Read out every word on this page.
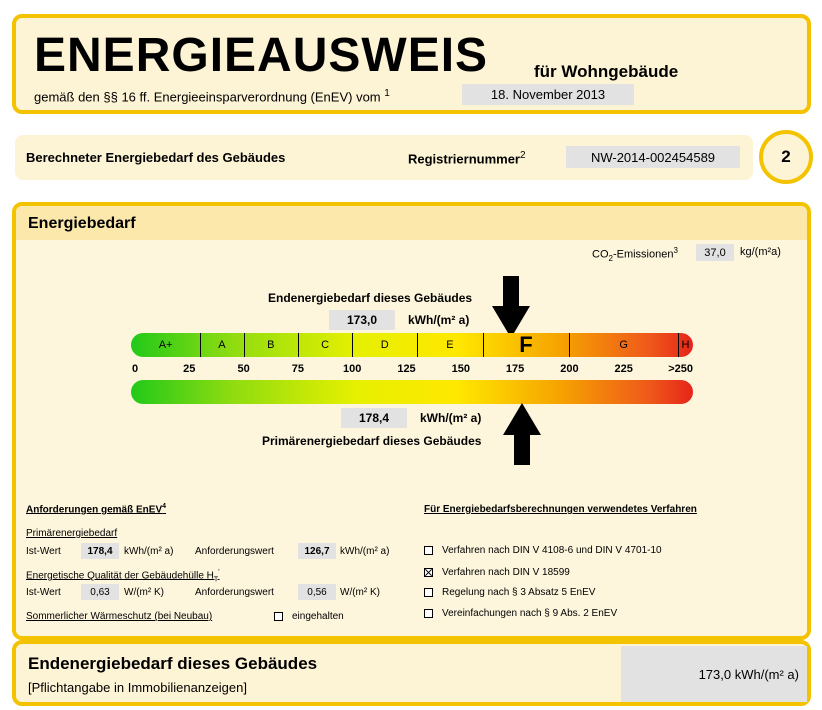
ENERGIEAUSWEIS	für Wohngebäude
gemäß den §§ 16 ff. Energieeinsparverordnung (EnEV) vom $^1$	18. November 2013
Berechneter Energiebedarf des Gebäudes	Registriernummer$^2$	NW-2014-002454589	2
Energiebedarf
$CO_2-Emissionen^3$	37,0	kg/(m²a)
Endenergiebedarf dieses Gebäudes
173,0	kWh/(m² a)
A+	A	B	C	D	E	F	G	H
0	25	50	75	100	125	150	175	200	225	>250
178,4	kWh/(m² a)
Primärenergiebedarf dieses Gebäudes
Anforderungen gemäß EnEV$^4$
Primärenergiebedarf
Ist-Wert	178,4	kWh/(m² a) Anforderungswert	126,7	kWh/(m² a)
Energetische Qualität der Gebäudehülle $H_T'$
Ist-Wert	0,63	W/(m² K)	Anforderungswert	0,56	W/(m² K)
Sommerlicher Wärmeschutz (bei Neubau)	eingehalten
Für Energiebedarfsberechnungen verwendetes Verfahren
Verfahren nach DIN V 4108-6 und DIN V 4701-10
Verfahren nach DIN V 18599
Regelung nach § 3 Absatz 5 EnEV
Vereinfachungen nach § 9 Abs. 2 EnEV
Endenergiebedarf dieses Gebäudes
[Pflichtangabe in Immobilienanzeigen]
173,0 kWh/(m² a)
